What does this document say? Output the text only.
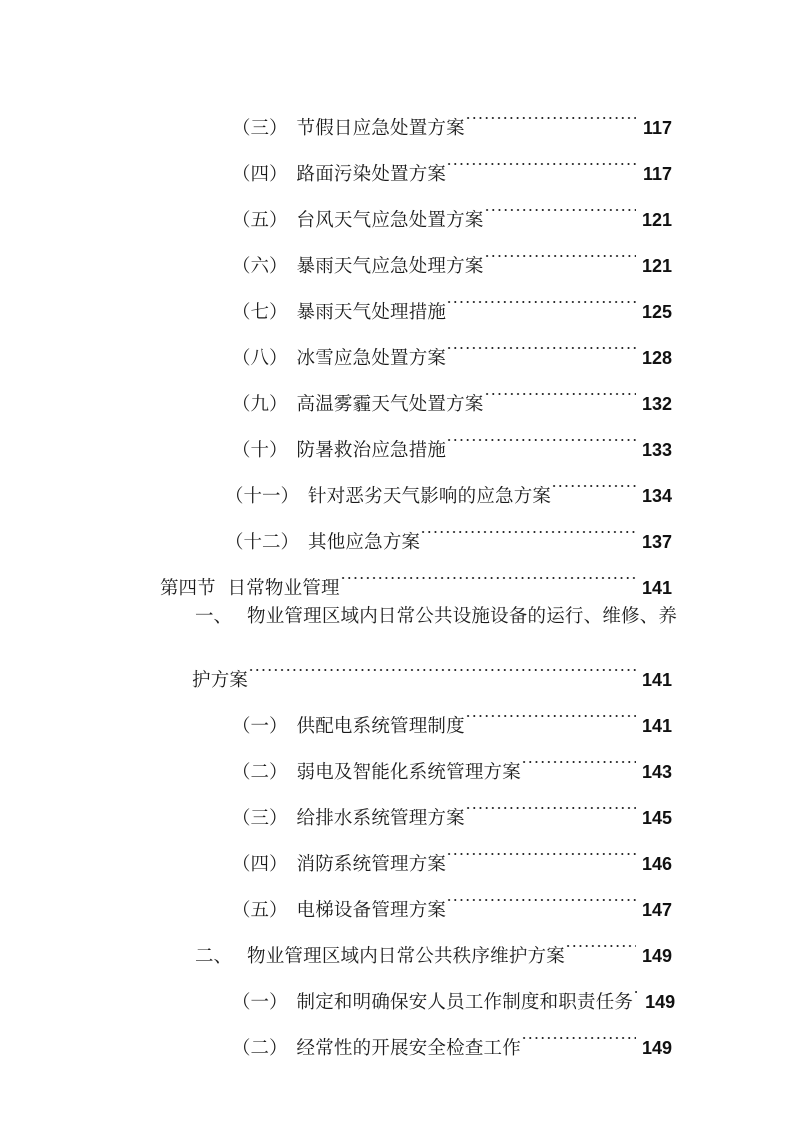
（三） 节假日应急处置方案	117
（四） 路面污染处置方案	117
（五） 台风天气应急处置方案	121
（六） 暴雨天气应急处理方案	121
（七） 暴雨天气处理措施	125
（八） 冰雪应急处置方案	128
（九） 高温雾霾天气处置方案	132
（十） 防暑救治应急措施	133
（十一） 针对恶劣天气影响的应急方案	134
（十二） 其他应急方案	137
第四节 日常物业管理	141
一、 物业管理区域内日常公共设施设备的运行、维修、养
护方案	141
（一） 供配电系统管理制度	141
（二） 弱电及智能化系统管理方案	143
（三） 给排水系统管理方案	145
（四） 消防系统管理方案	146
（五） 电梯设备管理方案	147
二、 物业管理区域内日常公共秩序维护方案	149
（一） 制定和明确保安人员工作制度和职责任务 149
（二） 经常性的开展安全检查工作	149
